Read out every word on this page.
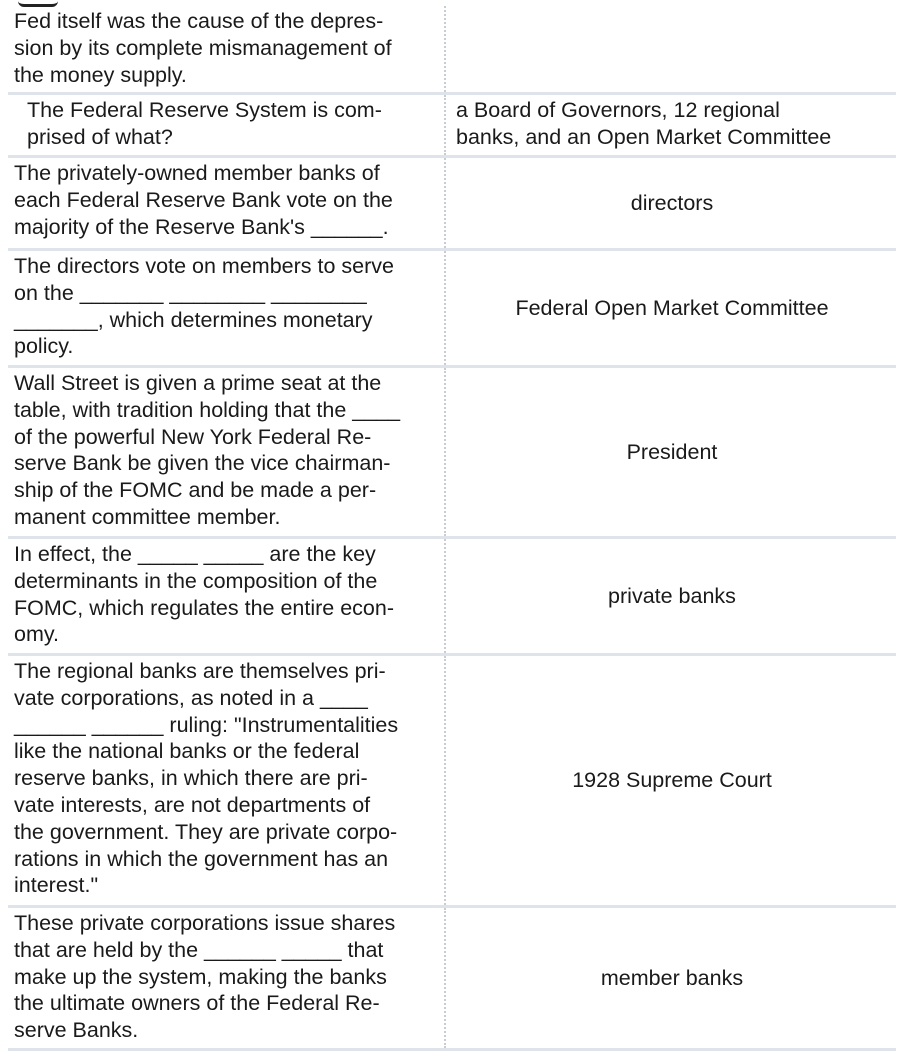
Fed itself was the cause of the depres-
sion by its complete mismanagement of
the money supply.
The Federal Reserve System is com-
prised of what?
a Board of Governors, 12 regional
banks, and an Open Market Committee
The privately-owned member banks of
each Federal Reserve Bank vote on the
majority of the Reserve Bank's ______.
directors
The directors vote on members to serve
on the _______ ________ ________
_______, which determines monetary
policy.
Federal Open Market Committee
Wall Street is given a prime seat at the
table, with tradition holding that the ____
of the powerful New York Federal Re-
serve Bank be given the vice chairman-
ship of the FOMC and be made a per-
manent committee member.
President
In effect, the _____ _____ are the key
determinants in the composition of the
FOMC, which regulates the entire econ-
omy.
private banks
The regional banks are themselves pri-
vate corporations, as noted in a ____
______ ______ ruling: "Instrumentalities
like the national banks or the federal
reserve banks, in which there are pri-
vate interests, are not departments of
the government. They are private corpo-
rations in which the government has an
interest."
1928 Supreme Court
These private corporations issue shares
that are held by the ______ _____ that
make up the system, making the banks
the ultimate owners of the Federal Re-
serve Banks.
member banks
